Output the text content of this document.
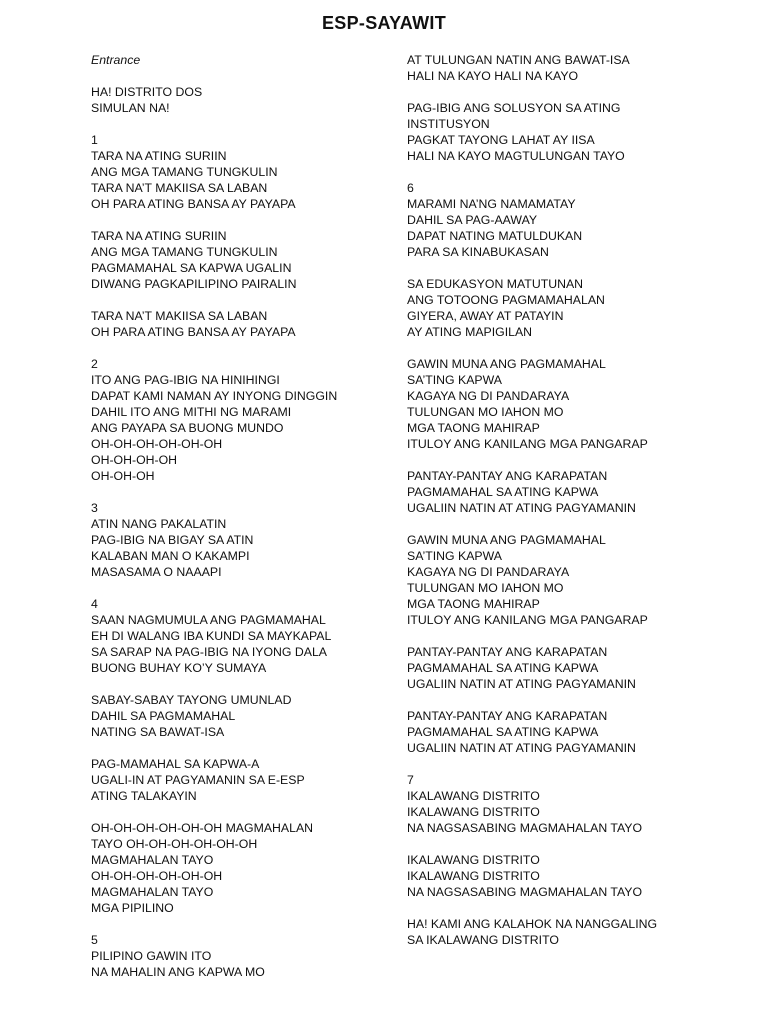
ESP-SAYAWIT
Entrance
HA! DISTRITO DOS
SIMULAN NA!
1
TARA NA ATING SURIIN
ANG MGA TAMANG TUNGKULIN
TARA NA’T MAKIISA SA LABAN
OH PARA ATING BANSA AY PAYAPA
TARA NA ATING SURIIN
ANG MGA TAMANG TUNGKULIN
PAGMAMAHAL SA KAPWA UGALIN
DIWANG PAGKAPILIPINO PAIRALIN
TARA NA’T MAKIISA SA LABAN
OH PARA ATING BANSA AY PAYAPA
2
ITO ANG PAG-IBIG NA HINIHINGI
DAPAT KAMI NAMAN AY INYONG DINGGIN
DAHIL ITO ANG MITHI NG MARAMI
ANG PAYAPA SA BUONG MUNDO
OH-OH-OH-OH-OH-OH
OH-OH-OH-OH
OH-OH-OH
3
ATIN NANG PAKALATIN
PAG-IBIG NA BIGAY SA ATIN
KALABAN MAN O KAKAMPI
MASASAMA O NAAAPI
4
SAAN NAGMUMULA ANG PAGMAMAHAL
EH DI WALANG IBA KUNDI SA MAYKAPAL
SA SARAP NA PAG-IBIG NA IYONG DALA
BUONG BUHAY KO’Y SUMAYA
SABAY-SABAY TAYONG UMUNLAD
DAHIL SA PAGMAMAHAL
NATING SA BAWAT-ISA
PAG-MAMAHAL SA KAPWA-A
UGALI-IN AT PAGYAMANIN SA E-ESP
ATING TALAKAYIN
OH-OH-OH-OH-OH-OH MAGMAHALAN
TAYO OH-OH-OH-OH-OH-OH
MAGMAHALAN TAYO
OH-OH-OH-OH-OH-OH
MAGMAHALAN TAYO
MGA PIPILINO
5
PILIPINO GAWIN ITO
NA MAHALIN ANG KAPWA MO
AT TULUNGAN NATIN ANG BAWAT-ISA
HALI NA KAYO HALI NA KAYO
PAG-IBIG ANG SOLUSYON SA ATING
INSTITUSYON
PAGKAT TAYONG LAHAT AY IISA
HALI NA KAYO MAGTULUNGAN TAYO
6
MARAMI NA’NG NAMAMATAY
DAHIL SA PAG-AAWAY
DAPAT NATING MATULDUKAN
PARA SA KINABUKASAN
SA EDUKASYON MATUTUNAN
ANG TOTOONG PAGMAMAHALAN
GIYERA, AWAY AT PATAYIN
AY ATING MAPIGILAN
GAWIN MUNA ANG PAGMAMAHAL
SA’TING KAPWA
KAGAYA NG DI PANDARAYA
TULUNGAN MO IAHON MO
MGA TAONG MAHIRAP
ITULOY ANG KANILANG MGA PANGARAP
PANTAY-PANTAY ANG KARAPATAN
PAGMAMAHAL SA ATING KAPWA
UGALIIN NATIN AT ATING PAGYAMANIN
GAWIN MUNA ANG PAGMAMAHAL
SA’TING KAPWA
KAGAYA NG DI PANDARAYA
TULUNGAN MO IAHON MO
MGA TAONG MAHIRAP
ITULOY ANG KANILANG MGA PANGARAP
PANTAY-PANTAY ANG KARAPATAN
PAGMAMAHAL SA ATING KAPWA
UGALIIN NATIN AT ATING PAGYAMANIN
PANTAY-PANTAY ANG KARAPATAN
PAGMAMAHAL SA ATING KAPWA
UGALIIN NATIN AT ATING PAGYAMANIN
7
IKALAWANG DISTRITO
IKALAWANG DISTRITO
NA NAGSASABING MAGMAHALAN TAYO
IKALAWANG DISTRITO
IKALAWANG DISTRITO
NA NAGSASABING MAGMAHALAN TAYO
HA! KAMI ANG KALAHOK NA NANGGALING
SA IKALAWANG DISTRITO
